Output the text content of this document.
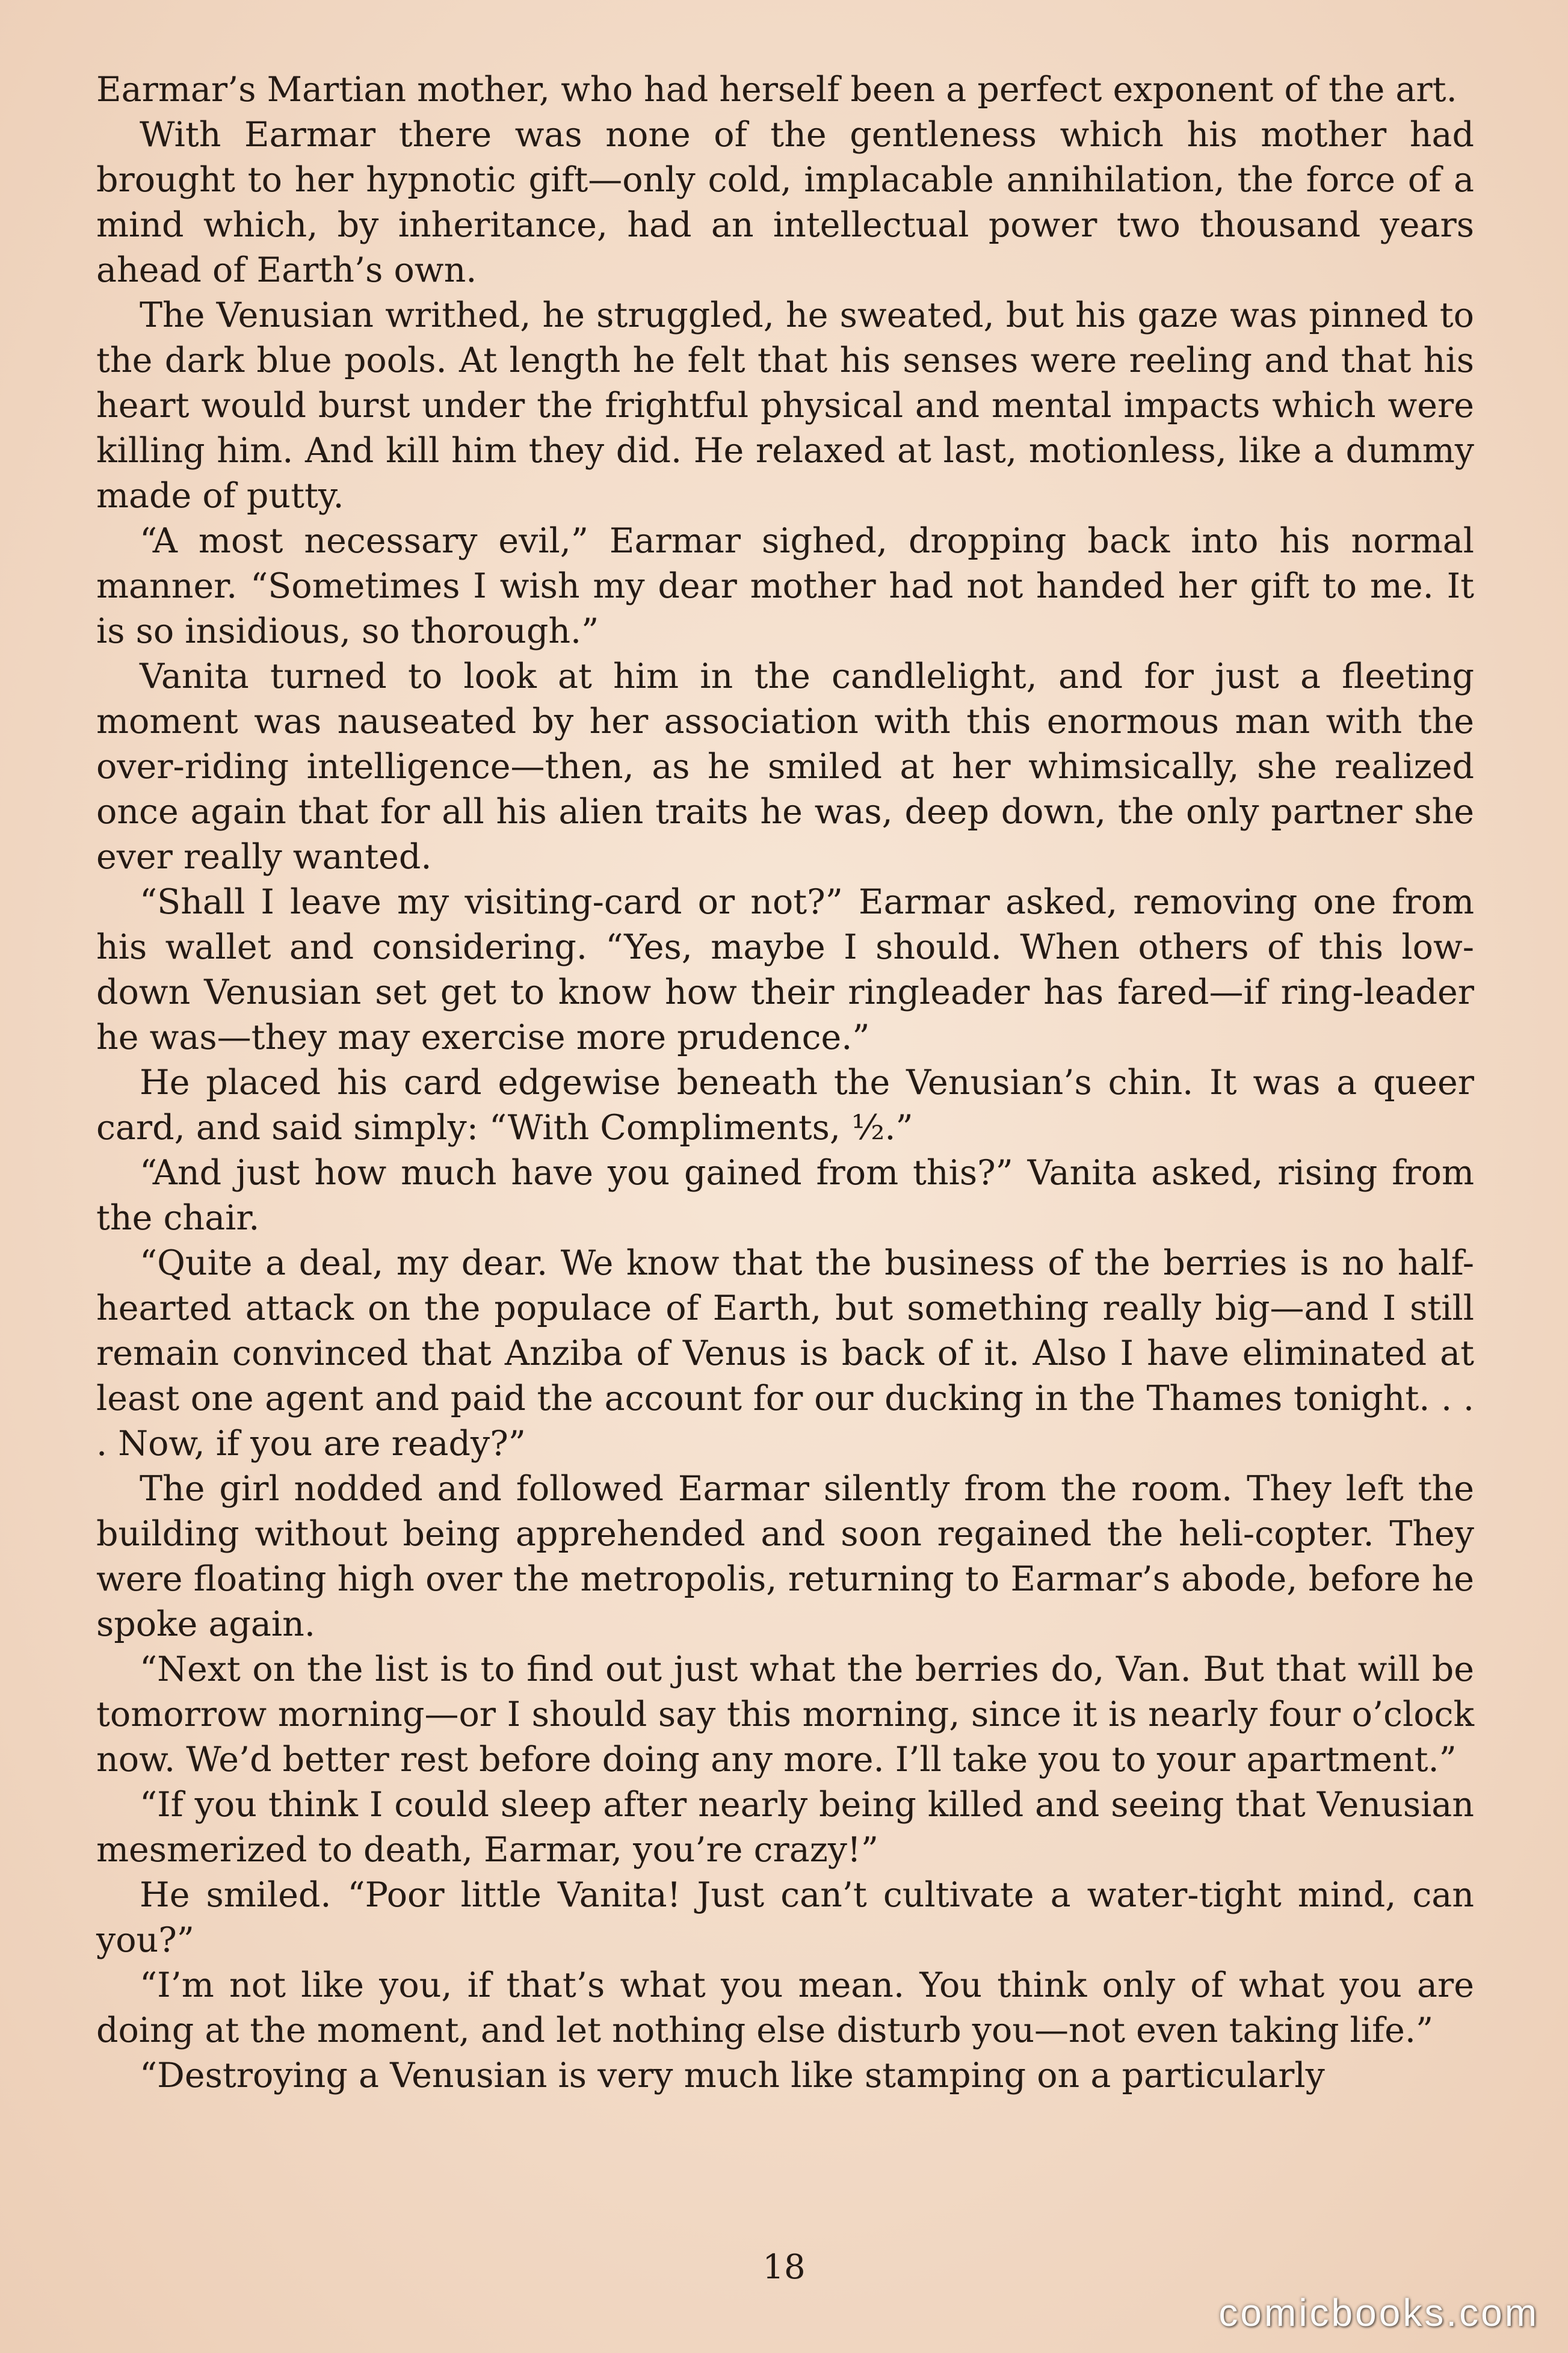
Earmar’s Martian mother, who had herself been a perfect exponent of the art.

With Earmar there was none of the gentleness which his mother had brought to her hypnotic gift—only cold, implacable annihilation, the force of a mind which, by inheritance, had an intellectual power two thousand years ahead of Earth’s own.

The Venusian writhed, he struggled, he sweated, but his gaze was pinned to the dark blue pools. At length he felt that his senses were reeling and that his heart would burst under the frightful physical and mental impacts which were killing him. And kill him they did. He relaxed at last, motionless, like a dummy made of putty.

“A most necessary evil,” Earmar sighed, dropping back into his normal manner. “Sometimes I wish my dear mother had not handed her gift to me. It is so insidious, so thorough.”

Vanita turned to look at him in the candlelight, and for just a fleeting moment was nauseated by her association with this enormous man with the over-riding intelligence—then, as he smiled at her whimsically, she realized once again that for all his alien traits he was, deep down, the only partner she ever really wanted.

“Shall I leave my visiting-card or not?” Earmar asked, removing one from his wallet and considering. “Yes, maybe I should. When others of this low-down Venusian set get to know how their ringleader has fared—if ring-leader he was—they may exercise more prudence.”

He placed his card edgewise beneath the Venusian’s chin. It was a queer card, and said simply: “With Compliments, ½.”

“And just how much have you gained from this?” Vanita asked, rising from the chair.

“Quite a deal, my dear. We know that the business of the berries is no half-hearted attack on the populace of Earth, but something really big—and I still remain convinced that Anziba of Venus is back of it. Also I have eliminated at least one agent and paid the account for our ducking in the Thames tonight. . . . Now, if you are ready?”

The girl nodded and followed Earmar silently from the room. They left the building without being apprehended and soon regained the heli-copter. They were floating high over the metropolis, returning to Earmar’s abode, before he spoke again.

“Next on the list is to find out just what the berries do, Van. But that will be tomorrow morning—or I should say this morning, since it is nearly four o’clock now. We’d better rest before doing any more. I’ll take you to your apartment.”

“If you think I could sleep after nearly being killed and seeing that Venusian mesmerized to death, Earmar, you’re crazy!”

He smiled. “Poor little Vanita! Just can’t cultivate a water-tight mind, can you?”

“I’m not like you, if that’s what you mean. You think only of what you are doing at the moment, and let nothing else disturb you—not even taking life.”

“Destroying a Venusian is very much like stamping on a particularly

18
comicbooks.com
